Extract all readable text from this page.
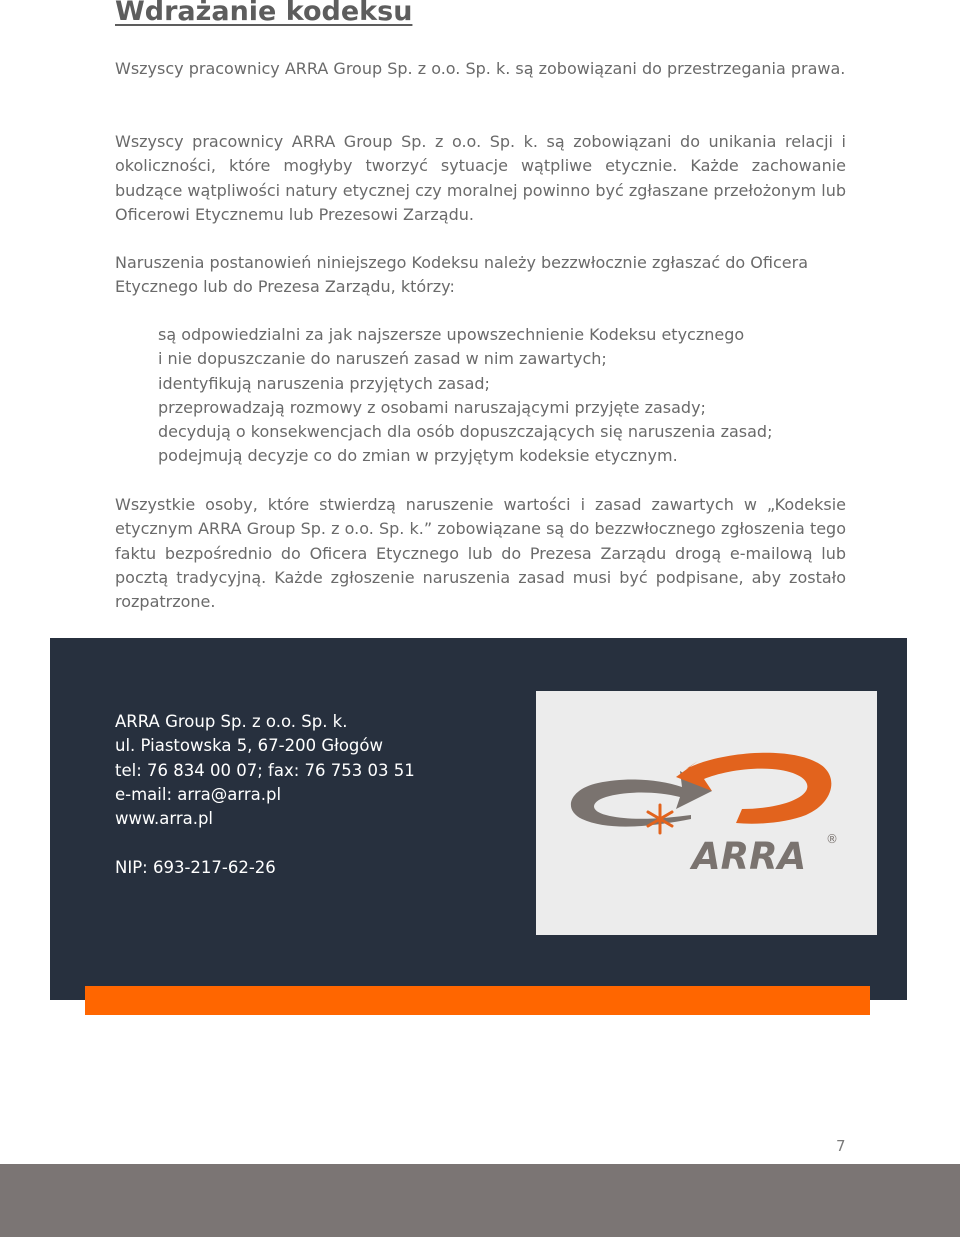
Wdrażanie kodeksu

Wszyscy pracownicy ARRA Group Sp. z o.o. Sp. k. są zobowiązani do przestrzegania prawa.

Wszyscy pracownicy ARRA Group Sp. z o.o. Sp. k. są zobowiązani do unikania relacji i okoliczności, które mogłyby tworzyć sytuacje wątpliwe etycznie. Każde zachowanie budzące wątpliwości natury etycznej czy moralnej powinno być zgłaszane przełożonym lub Oficerowi Etycznemu lub Prezesowi Zarządu.

Naruszenia postanowień niniejszego Kodeksu należy bezzwłocznie zgłaszać do Oficera Etycznego lub do Prezesa Zarządu, którzy:

są odpowiedzialni za jak najszersze upowszechnienie Kodeksu etycznego
i nie dopuszczanie do naruszeń zasad w nim zawartych;
identyfikują naruszenia przyjętych zasad;
przeprowadzają rozmowy z osobami naruszającymi przyjęte zasady;
decydują o konsekwencjach dla osób dopuszczających się naruszenia zasad;
podejmują decyzje co do zmian w przyjętym kodeksie etycznym.

Wszystkie osoby, które stwierdzą naruszenie wartości i zasad zawartych w „Kodeksie etycznym ARRA Group Sp. z o.o. Sp. k.” zobowiązane są do bezzwłocznego zgłoszenia tego faktu bezpośrednio do Oficera Etycznego lub do Prezesa Zarządu drogą e-mailową lub pocztą tradycyjną. Każde zgłoszenie naruszenia zasad musi być podpisane, aby zostało rozpatrzone.

ARRA Group Sp. z o.o. Sp. k.
ul. Piastowska 5, 67-200 Głogów
tel: 76 834 00 07; fax: 76 753 03 51
e-mail: arra@arra.pl
www.arra.pl
NIP: 693-217-62-26	ARRA ®
7
